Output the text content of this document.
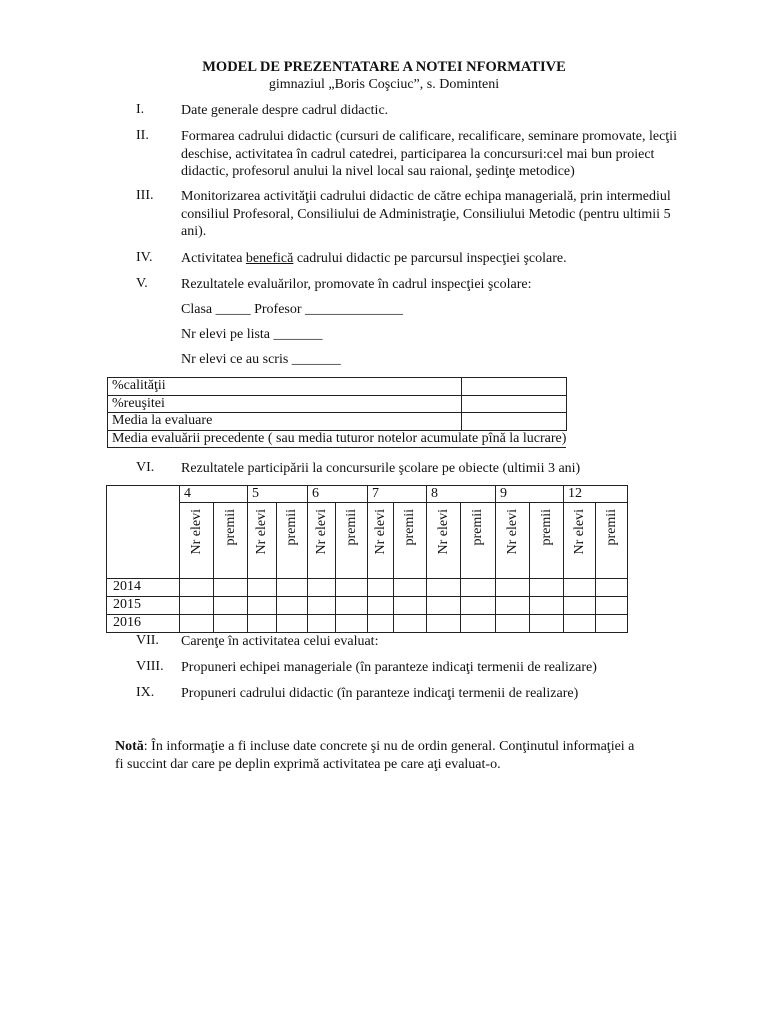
MODEL DE PREZENTATARE A NOTEI NFORMATIVE
gimnaziul „Boris Coşciuc”, s. Dominteni
I.	Date generale despre cadrul didactic.
II.	Formarea cadrului didactic (cursuri de calificare, recalificare, seminare promovate, lecţii deschise, activitatea în cadrul catedrei, participarea la concursuri:cel mai bun proiect didactic, profesorul anului la nivel local sau raional, şedinţe metodice)
III.	Monitorizarea activităţii cadrului didactic de către echipa managerială, prin intermediul consiliul Profesoral, Consiliului de Administraţie, Consiliului Metodic (pentru ultimii 5 ani).
IV.	Activitatea benefică cadrului didactic pe parcursul inspecţiei şcolare.
V.	Rezultatele evaluărilor, promovate în cadrul inspecţiei şcolare:
Clasa _____ Profesor ______________
Nr elevi pe lista _______
Nr elevi ce au scris _______
%calităţii	
%reuşitei	
Media la evaluare	
Media evaluării precedente ( sau media tuturor notelor acumulate pînă la lucrare)	
VI.	Rezultatele participării la concursurile şcolare pe obiecte (ultimii 3 ani)
	4		5		6		7		8		9		12	

	Nr elevi	premii	Nr elevi	premii	Nr elevi	premii	Nr elevi	premii	Nr elevi	premii	Nr elevi	premii	Nr elevi	premii

2014														
2015														
2016														
VII.	Carenţe în activitatea celui evaluat:
VIII.	Propuneri echipei manageriale (în paranteze indicaţi termenii de realizare)
IX.	Propuneri cadrului didactic (în paranteze indicaţi termenii de realizare)
Notă: În informaţie a fi incluse date concrete şi nu de ordin general. Conţinutul informaţiei a fi succint dar care pe deplin exprimă activitatea pe care aţi evaluat-o.
